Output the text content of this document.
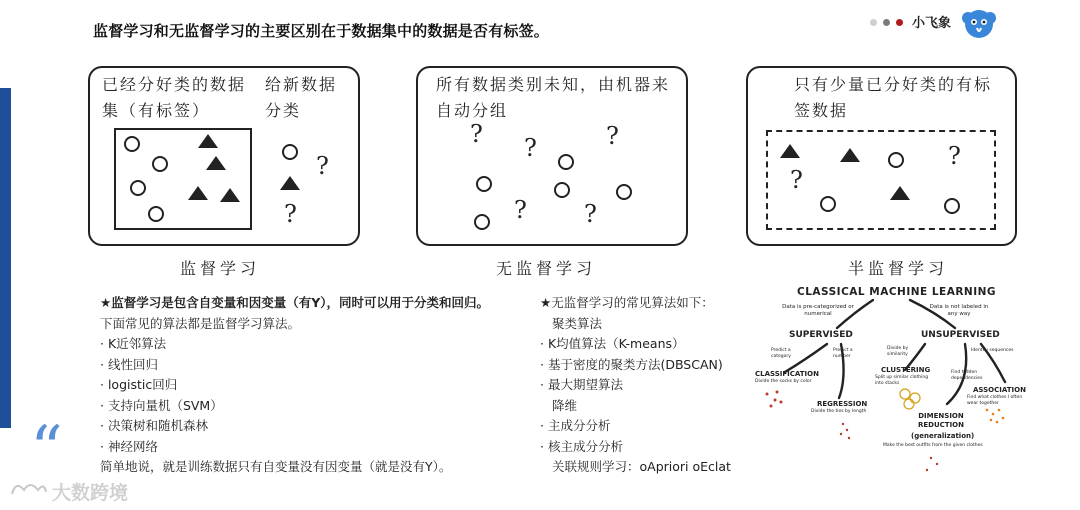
监督学习和无监督学习的主要区别在于数据集中的数据是否有标签。	小飞象
已经分好类的数据集（有标签）
给新数据分类
?
?
监督学习
所有数据类别未知，由机器来自动分组
? ?	?
? ?
无监督学习
只有少量已分好类的有标签数据
?
?
半监督学习
★监督学习是包含自变量和因变量（有Y），同时可以用于分类和回归。
下面常见的算法都是监督学习算法。
· K近邻算法
· 线性回归
· logistic回归
· 支持向量机（SVM）
· 决策树和随机森林
· 神经网络
简单地说，就是训练数据只有自变量没有因变量（就是没有Y）。
★无监督学习的常见算法如下：
聚类算法
· K均值算法（K-means）
· 基于密度的聚类方法(DBSCAN)
· 最大期望算法
降维
· 主成分分析
· 核主成分分析
关联规则学习：oApriori oEclat
CLASSICAL MACHINE LEARNING
Data is pre-categorized or numerical
Data is not labeled in any way
SUPERVISED	UNSUPERVISED
Predict a category
Predict a number
Divide by similarity
Identify sequences
Find hidden dependencies
CLASSIFICATION
Divide the socks by color
CLUSTERING
Split up similar clothing into stacks
ASSOCIATION
Find what clothes I often wear together
REGRESSION
Divide the ties by length
DIMENSION REDUCTION
(generalization)
Make the best outfits from the given clothes
“
大数跨境
